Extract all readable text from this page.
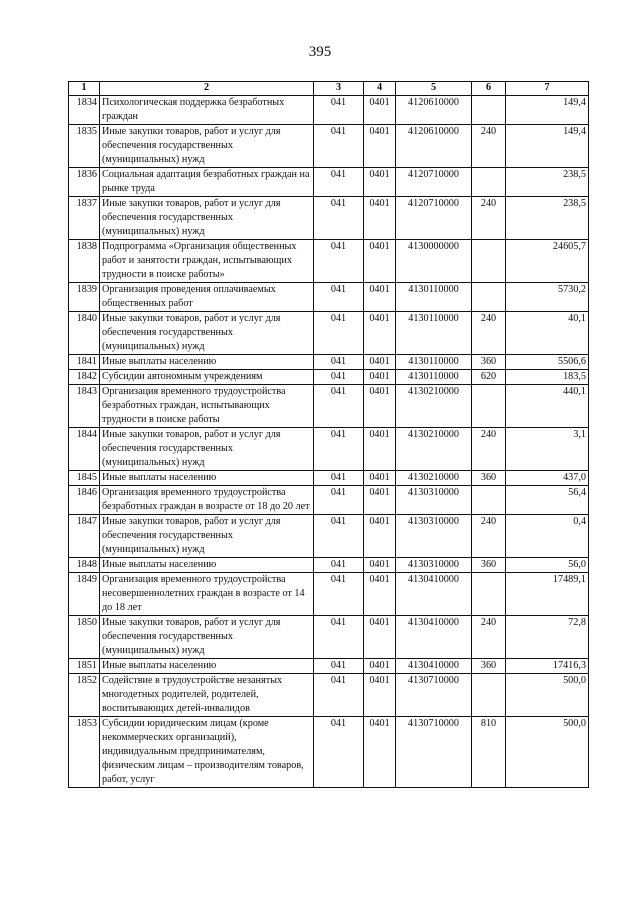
395
1	2	3	4	5	6	7
1834	Психологическая поддержка безработных граждан	041	0401	4120610000		149,4
1835	Иные закупки товаров, работ и услуг для обеспечения государственных (муниципальных) нужд	041	0401	4120610000	240	149,4
1836	Социальная адаптация безработных граждан на рынке труда	041	0401	4120710000		238,5
1837	Иные закупки товаров, работ и услуг для обеспечения государственных (муниципальных) нужд	041	0401	4120710000	240	238,5
1838	Подпрограмма «Организация общественных работ и занятости граждан, испытывающих трудности в поиске работы»	041	0401	4130000000		24605,7
1839	Организация проведения оплачиваемых общественных работ	041	0401	4130110000		5730,2
1840	Иные закупки товаров, работ и услуг для обеспечения государственных (муниципальных) нужд	041	0401	4130110000	240	40,1
1841	Иные выплаты населению	041	0401	4130110000	360	5506,6
1842	Субсидии автономным учреждениям	041	0401	4130110000	620	183,5
1843	Организация временного трудоустройства безработных граждан, испытывающих трудности в поиске работы	041	0401	4130210000		440,1
1844	Иные закупки товаров, работ и услуг для обеспечения государственных (муниципальных) нужд	041	0401	4130210000	240	3,1
1845	Иные выплаты населению	041	0401	4130210000	360	437,0
1846	Организация временного трудоустройства безработных граждан в возрасте от 18 до 20 лет	041	0401	4130310000		56,4
1847	Иные закупки товаров, работ и услуг для обеспечения государственных (муниципальных) нужд	041	0401	4130310000	240	0,4
1848	Иные выплаты населению	041	0401	4130310000	360	56,0
1849	Организация временного трудоустройства несовершеннолетних граждан в возрасте от 14 до 18 лет	041	0401	4130410000		17489,1
1850	Иные закупки товаров, работ и услуг для обеспечения государственных (муниципальных) нужд	041	0401	4130410000	240	72,8
1851	Иные выплаты населению	041	0401	4130410000	360	17416,3
1852	Содействие в трудоустройстве незанятых многодетных родителей, родителей, воспитывающих детей-инвалидов	041	0401	4130710000		500,0
1853	Субсидии юридическим лицам (кроме некоммерческих организаций), индивидуальным предпринимателям, физическим лицам – производителям товаров, работ, услуг	041	0401	4130710000	810	500,0
